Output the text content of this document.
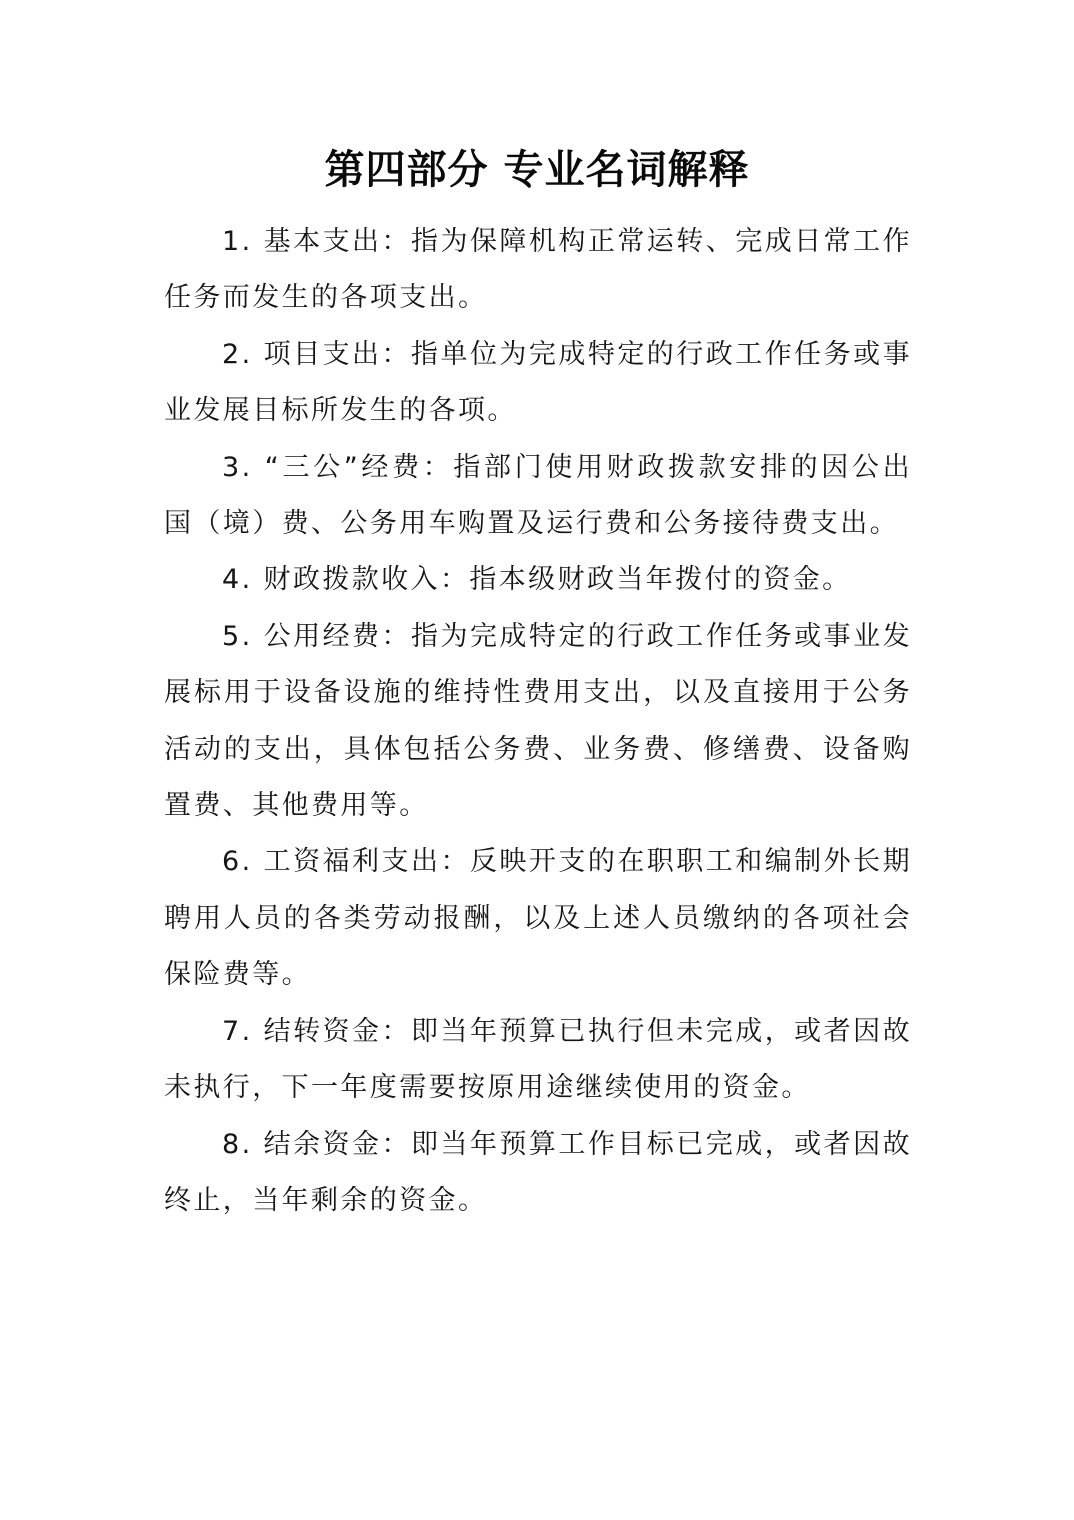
第四部分 专业名词解释

1. 基本支出：指为保障机构正常运转、完成日常工作任务而发生的各项支出。

2. 项目支出：指单位为完成特定的行政工作任务或事业发展目标所发生的各项。

3. “三公”经费：指部门使用财政拨款安排的因公出国（境）费、公务用车购置及运行费和公务接待费支出。

4. 财政拨款收入：指本级财政当年拨付的资金。

5. 公用经费：指为完成特定的行政工作任务或事业发展标用于设备设施的维持性费用支出，以及直接用于公务活动的支出，具体包括公务费、业务费、修缮费、设备购置费、其他费用等。

6. 工资福利支出：反映开支的在职职工和编制外长期聘用人员的各类劳动报酬，以及上述人员缴纳的各项社会保险费等。

7. 结转资金：即当年预算已执行但未完成，或者因故未执行，下一年度需要按原用途继续使用的资金。

8. 结余资金：即当年预算工作目标已完成，或者因故终止，当年剩余的资金。
